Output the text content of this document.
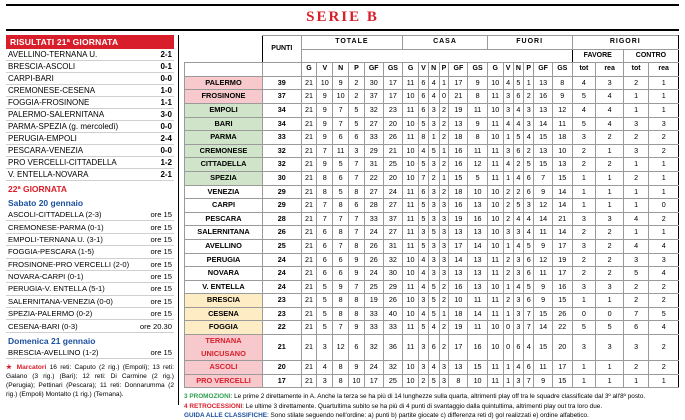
SERIE B
RISULTATI 21ª GIORNATA
AVELLINO-TERNANA U.	2-1
BRESCIA-ASCOLI	0-1
CARPI-BARI	0-0
CREMONESE-CESENA	1-0
FOGGIA-FROSINONE	1-1
PALERMO-SALERNITANA	3-0
PARMA-SPEZIA (g. mercoledì)	0-0
PERUGIA-EMPOLI	2-4
PESCARA-VENEZIA	0-0
PRO VERCELLI-CITTADELLA	1-2
V. ENTELLA-NOVARA	2-1
22ª GIORNATA
Sabato 20 gennaio
ASCOLI-CITTADELLA (2-3)	ore 15
CREMONESE-PARMA (0-1)	ore 15
EMPOLI-TERNANA U. (3-1)	ore 15
FOGGIA-PESCARA (1-5)	ore 15
FROSINONE-PRO VERCELLI (2-0)	ore 15
NOVARA-CARPI (0-1)	ore 15
PERUGIA-V. ENTELLA (5-1)	ore 15
SALERNITANA-VENEZIA (0-0)	ore 15
SPEZIA-PALERMO (0-2)	ore 15
CESENA-BARI (0-3)	ore 20.30
Domenica 21 gennaio
BRESCIA-AVELLINO (1-2)	ore 15
★ Marcatori 16 reti: Caputo (2 rig.) (Empoli); 13 reti: Galano (3 rig.) (Bari); 12 reti: Di Carmine (2 rig.) (Perugia); Pettinari (Pescara); 11 reti: Donnarumma (2 rig.) (Empoli) Montalto (1 rig.) (Ternana).
	PUNTI	TOTALE						CASA						FUORI						RIGORI			
																				FAVORE		CONTRO	
		G	V	N	P	GF	GS	G	V	N	P	GF	GS	G	V	N	P	GF	GS	tot	rea	tot	rea
PALERMO	39	21	10	9	2	30	17	11	6	4	1	17	9	10	4	5	1	13	8	4	3	2	1
FROSINONE	37	21	9	10	2	37	17	10	6	4	0	21	8	11	3	6	2	16	9	5	4	1	1
EMPOLI	34	21	9	7	5	32	23	11	6	3	2	19	11	10	3	4	3	13	12	4	4	1	1
BARI	34	21	9	7	5	27	20	10	5	3	2	13	9	11	4	4	3	14	11	5	4	3	3
PARMA	33	21	9	6	6	33	26	11	8	1	2	18	8	10	1	5	4	15	18	3	2	2	2
CREMONESE	32	21	7	11	3	29	21	10	4	5	1	16	11	11	3	6	2	13	10	2	1	3	2
CITTADELLA	32	21	9	5	7	31	25	10	5	3	2	16	12	11	4	2	5	15	13	2	2	1	1
SPEZIA	30	21	8	6	7	22	20	10	7	2	1	15	5	11	1	4	6	7	15	1	1	2	1
VENEZIA	29	21	8	5	8	27	24	11	6	3	2	18	10	10	2	2	6	9	14	1	1	1	1
CARPI	29	21	7	8	6	28	27	11	5	3	3	16	13	10	2	5	3	12	14	1	1	1	0
PESCARA	28	21	7	7	7	33	37	11	5	3	3	19	16	10	2	4	4	14	21	3	3	4	2
SALERNITANA	26	21	6	8	7	24	27	11	3	5	3	13	13	10	3	3	4	11	14	2	2	1	1
AVELLINO	25	21	6	7	8	26	31	11	5	3	3	17	14	10	1	4	5	9	17	3	2	4	4
PERUGIA	24	21	6	6	9	26	32	10	4	3	3	14	13	11	2	3	6	12	19	2	2	3	3
NOVARA	24	21	6	6	9	24	30	10	4	3	3	13	13	11	2	3	6	11	17	2	2	5	4
V. ENTELLA	24	21	5	9	7	25	29	11	4	5	2	16	13	10	1	4	5	9	16	3	3	2	2
BRESCIA	23	21	5	8	8	19	26	10	3	5	2	10	11	11	2	3	6	9	15	1	1	2	2
CESENA	23	21	5	8	8	33	40	10	4	5	1	18	14	11	1	3	7	15	26	0	0	7	5
FOGGIA	22	21	5	7	9	33	33	11	5	4	2	19	11	10	0	3	7	14	22	5	5	6	4
TERNANA UNICUSANO	21	21	3	12	6	32	36	11	3	6	2	17	16	10	0	6	4	15	20	3	3	3	2
ASCOLI	20	21	4	8	9	24	32	10	3	4	3	13	15	11	1	4	6	11	17	1	1	2	2
PRO VERCELLI	17	21	3	8	10	17	25	10	2	5	3	8	10	11	1	3	7	9	15	1	1	1	1
3 PROMOZIONI: Le prime 2 direttamente in A. Anche la terza se ha più di 14 lunghezze sulla quarta, altrimenti play off tra le squadre classificate dal 3º all'8º posto.
4 RETROCESSIONI: Le ultime 3 direttamente. Quartultima subito se ha più di 4 punti di svantaggio dalla quintultima, altrimenti play out tra loro due.
GUIDA ALLE CLASSIFICHE: Sono stilate seguendo nell'ordine: a) punti b) partite giocate c) differenza reti d) gol realizzati e) ordine alfabetico.
